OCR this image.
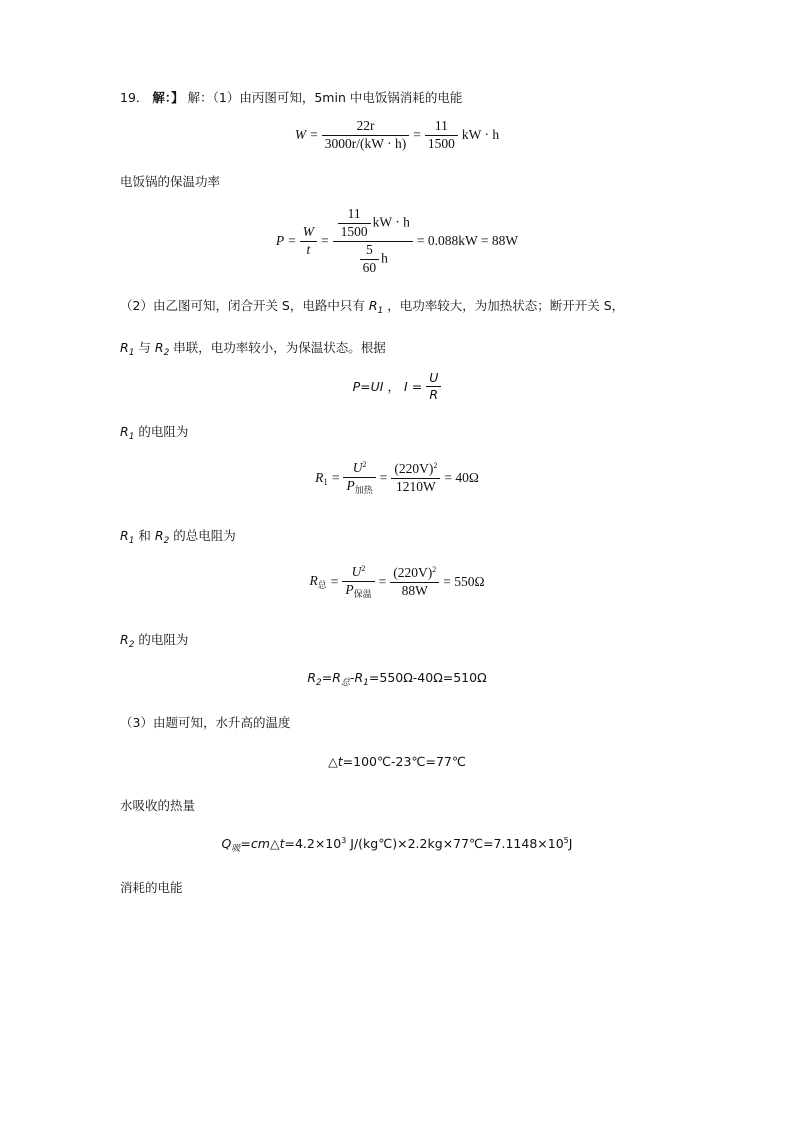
19． 解：】 解：（1）由丙图可知，5min 中电饭锅消耗的电能
$W = \frac{22r}{3000r/(kW \cdot h)} = \frac{11}{1500}$ kW · h
电饭锅的保温功率
$P = \frac{W}{t} = \frac{\frac{11}{1500} kW \cdot h}{\frac{5}{60} h} = 0.088kW = 88W$
（2）由乙图可知，闭合开关 S，电路中只有 $R_1$ ，电功率较大，为加热状态；断开开关 S，
$R_1$ 与 $R_2$ 串联，电功率较小，为保温状态。根据
P=UI ， $I = \frac{U}{R}$
$R_1$ 的电阻为
$R_1 = \frac{U^2}{P_{加热}} = \frac{(220V)^2}{1210W} = 40\Omega$
$R_1$ 和 $R_2$ 的总电阻为
$R_总 = \frac{U^2}{P_{保温}} = \frac{(220V)^2}{88W} = 550\Omega$
$R_2$ 的电阻为
$R_2=R_总-R_1=550\Omega-40\Omega=510\Omega$
（3）由题可知，水升高的温度
△t=100℃-23℃=77℃
水吸收的热量
$Q_吸=cm\triangle t=4.2\times 10^3$ $J/(kg℃)\times 2.2kg\times 77℃=7.1148\times 10^5J$
消耗的电能
